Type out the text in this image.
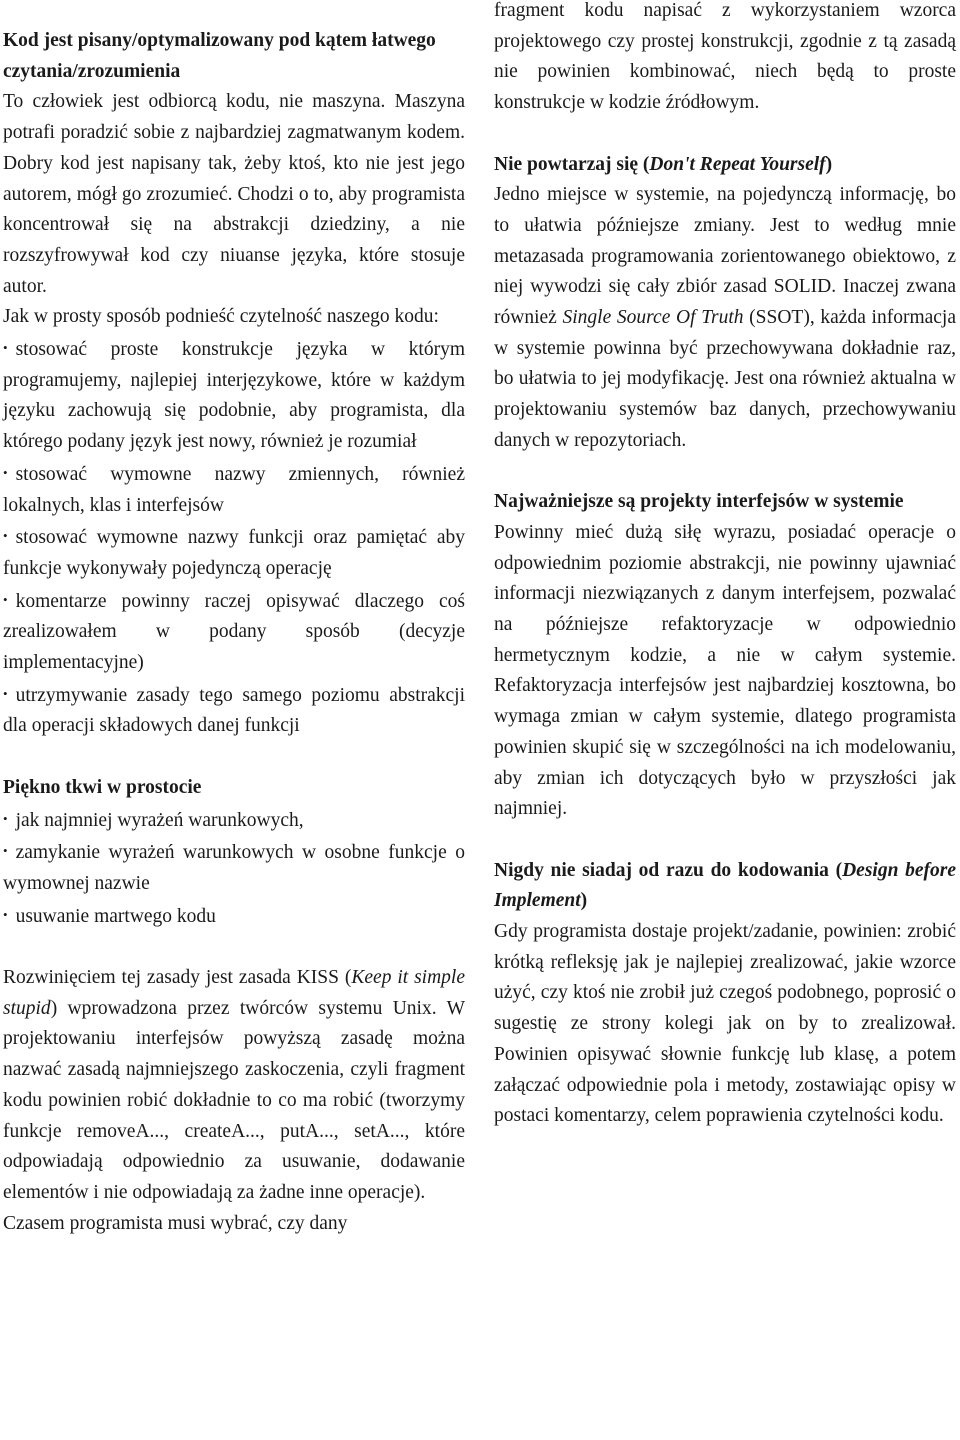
Kod jest pisany/optymalizowany pod kątem łatwego czytania/zrozumienia

To człowiek jest odbiorcą kodu, nie maszyna. Maszyna potrafi poradzić sobie z najbardziej zagmatwanym kodem. Dobry kod jest napisany tak, żeby ktoś, kto nie jest jego autorem, mógł go zrozumieć. Chodzi o to, aby programista koncentrował się na abstrakcji dziedziny, a nie rozszyfrowywał kod czy niuanse języka, które stosuje autor.

Jak w prosty sposób podnieść czytelność naszego kodu:

• stosować proste konstrukcje języka w którym programujemy, najlepiej interjęzykowe, które w każdym języku zachowują się podobnie, aby programista, dla którego podany język jest nowy, również je rozumiał

• stosować wymowne nazwy zmiennych, również lokalnych, klas i interfejsów

• stosować wymowne nazwy funkcji oraz pamiętać aby funkcje wykonywały pojedynczą operację

• komentarze powinny raczej opisywać dlaczego coś zrealizowałem w podany sposób (decyzje implementacyjne)

• utrzymywanie zasady tego samego poziomu abstrakcji dla operacji składowych danej funkcji

Piękno tkwi w prostocie

• jak najmniej wyrażeń warunkowych,

• zamykanie wyrażeń warunkowych w osobne funkcje o wymownej nazwie

• usuwanie martwego kodu

Rozwinięciem tej zasady jest zasada KISS (Keep it simple stupid) wprowadzona przez twórców systemu Unix. W projektowaniu interfejsów powyższą zasadę można nazwać zasadą najmniejszego zaskoczenia, czyli fragment kodu powinien robić dokładnie to co ma robić (tworzymy funkcje removeA..., createA..., putA..., setA..., które odpowiadają odpowiednio za usuwanie, dodawanie elementów i nie odpowiadają za żadne inne operacje).

Czasem programista musi wybrać, czy dany

fragment kodu napisać z wykorzystaniem wzorca projektowego czy prostej konstrukcji, zgodnie z tą zasadą nie powinien kombinować, niech będą to proste konstrukcje w kodzie źródłowym.

Nie powtarzaj się (Don't Repeat Yourself)

Jedno miejsce w systemie, na pojedynczą informację, bo to ułatwia późniejsze zmiany. Jest to według mnie metazasada programowania zorientowanego obiektowo, z niej wywodzi się cały zbiór zasad SOLID. Inaczej zwana również Single Source Of Truth (SSOT), każda informacja w systemie powinna być przechowywana dokładnie raz, bo ułatwia to jej modyfikację. Jest ona również aktualna w projektowaniu systemów baz danych, przechowywaniu danych w repozytoriach.

Najważniejsze są projekty interfejsów w systemie

Powinny mieć dużą siłę wyrazu, posiadać operacje o odpowiednim poziomie abstrakcji, nie powinny ujawniać informacji niezwiązanych z danym interfejsem, pozwalać na późniejsze refaktoryzacje w odpowiednio hermetycznym kodzie, a nie w całym systemie. Refaktoryzacja interfejsów jest najbardziej kosztowna, bo wymaga zmian w całym systemie, dlatego programista powinien skupić się w szczególności na ich modelowaniu, aby zmian ich dotyczących było w przyszłości jak najmniej.

Nigdy nie siadaj od razu do kodowania (Design before Implement)

Gdy programista dostaje projekt/zadanie, powinien: zrobić krótką refleksję jak je najlepiej zrealizować, jakie wzorce użyć, czy ktoś nie zrobił już czegoś podobnego, poprosić o sugestię ze strony kolegi jak on by to zrealizował. Powinien opisywać słownie funkcję lub klasę, a potem załączać odpowiednie pola i metody, zostawiając opisy w postaci komentarzy, celem poprawienia czytelności kodu.
